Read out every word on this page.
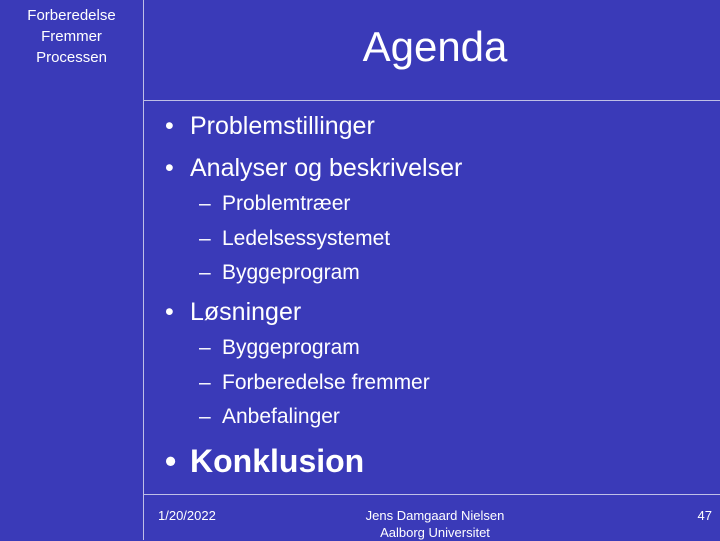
Forberedelse
Fremmer
Processen	Agenda
• Problemstillinger
• Analyser og beskrivelser
– Problemtræer
– Ledelsessystemet
– Byggeprogram
• Løsninger
– Byggeprogram
– Forberedelse fremmer
– Anbefalinger
• Konklusion
1/20/2022	Jens Damgaard Nielsen
Aalborg Universitet
47
